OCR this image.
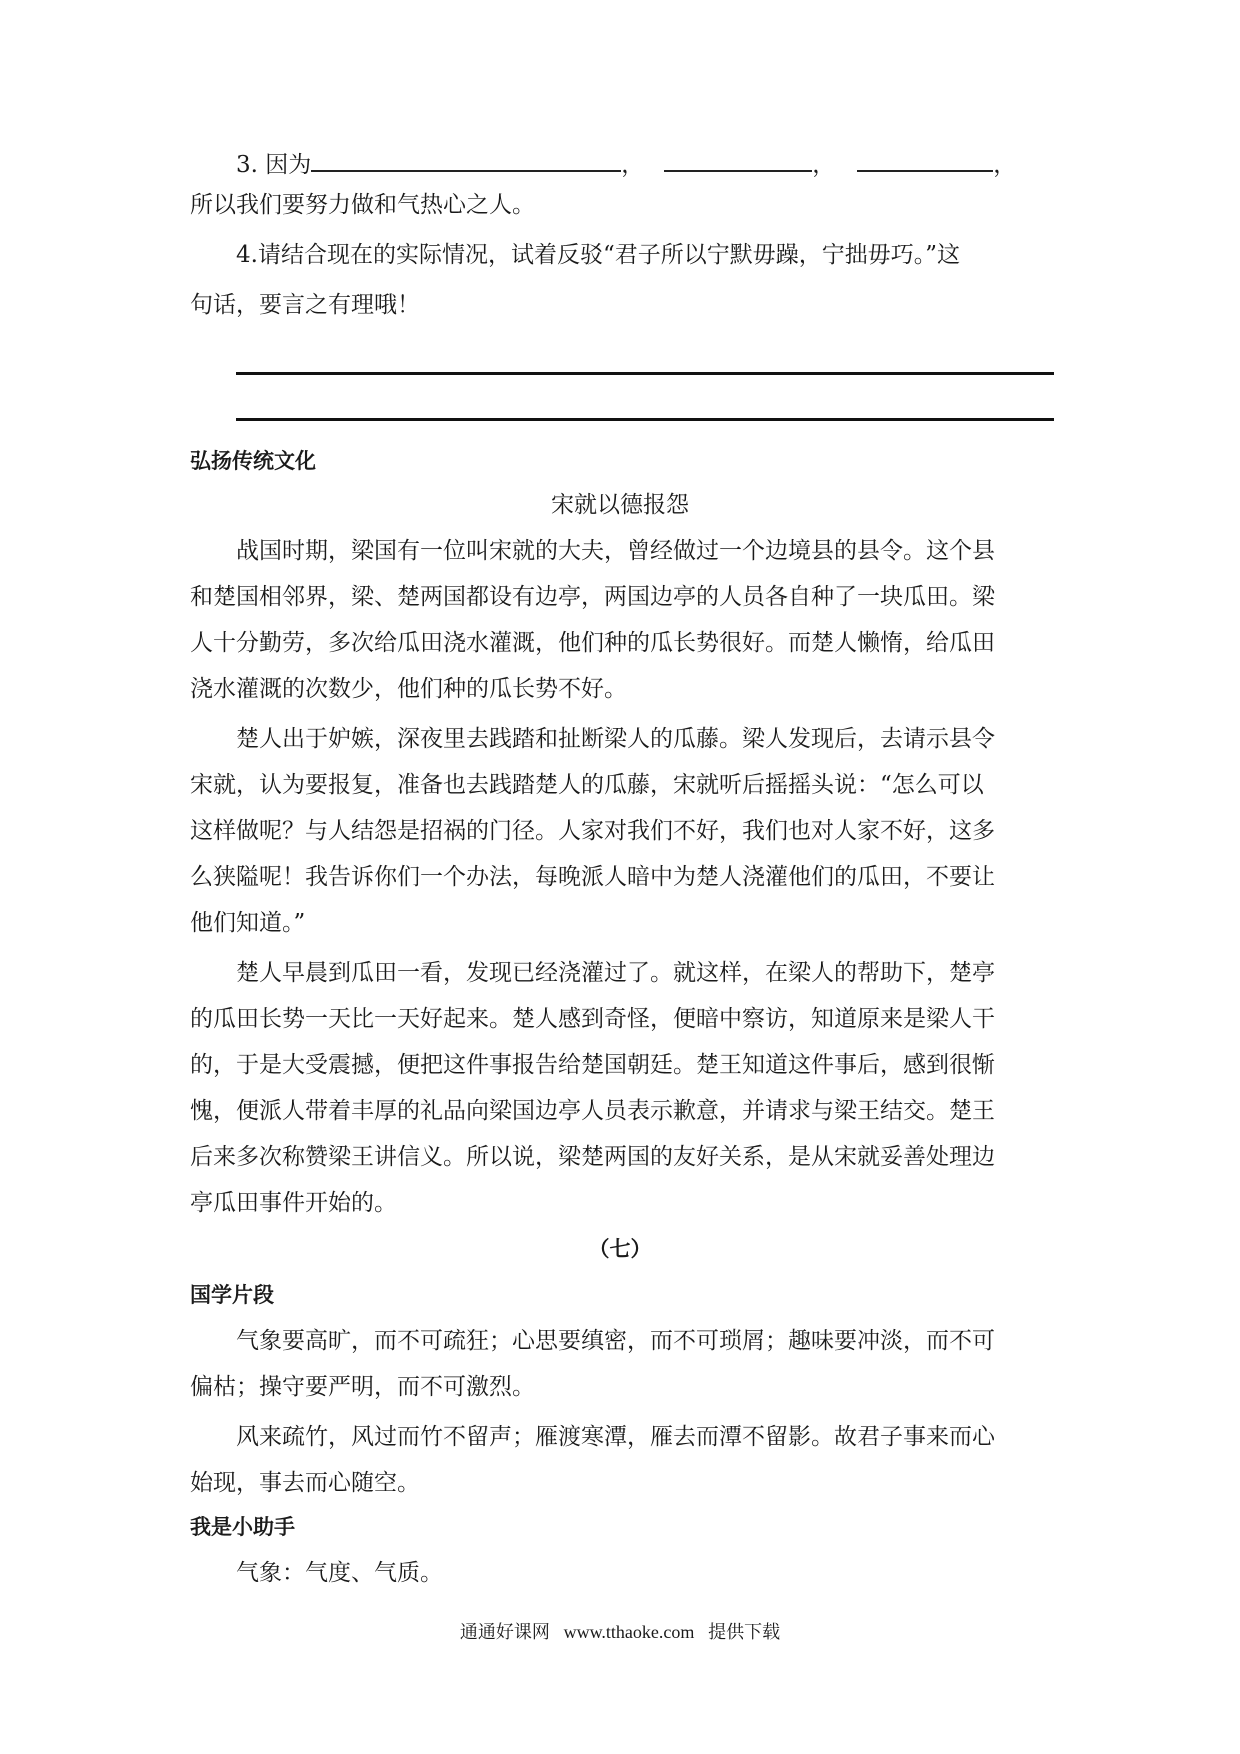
3. 因为	，	，	，
所以我们要努力做和气热心之人。
4.请结合现在的实际情况，试着反驳“君子所以宁默毋躁，宁拙毋巧。”这
句话，要言之有理哦！
弘扬传统文化
宋就以德报怨
战国时期，梁国有一位叫宋就的大夫，曾经做过一个边境县的县令。这个县
和楚国相邻界，梁、楚两国都设有边亭，两国边亭的人员各自种了一块瓜田。梁
人十分勤劳，多次给瓜田浇水灌溉，他们种的瓜长势很好。而楚人懒惰，给瓜田
浇水灌溉的次数少，他们种的瓜长势不好。
楚人出于妒嫉，深夜里去践踏和扯断梁人的瓜藤。梁人发现后，去请示县令
宋就，认为要报复，准备也去践踏楚人的瓜藤，宋就听后摇摇头说：“怎么可以
这样做呢？与人结怨是招祸的门径。人家对我们不好，我们也对人家不好，这多
么狭隘呢！我告诉你们一个办法，每晚派人暗中为楚人浇灌他们的瓜田，不要让
他们知道。”
楚人早晨到瓜田一看，发现已经浇灌过了。就这样，在梁人的帮助下，楚亭
的瓜田长势一天比一天好起来。楚人感到奇怪，便暗中察访，知道原来是梁人干
的，于是大受震撼，便把这件事报告给楚国朝廷。楚王知道这件事后，感到很惭
愧，便派人带着丰厚的礼品向梁国边亭人员表示歉意，并请求与梁王结交。楚王
后来多次称赞梁王讲信义。所以说，梁楚两国的友好关系，是从宋就妥善处理边
亭瓜田事件开始的。
（七）
国学片段
气象要高旷，而不可疏狂；心思要缜密，而不可琐屑；趣味要冲淡，而不可
偏枯；操守要严明，而不可激烈。
风来疏竹，风过而竹不留声；雁渡寒潭，雁去而潭不留影。故君子事来而心
始现，事去而心随空。
我是小助手
气象：气度、气质。
通通好课网 www.tthaoke.com 提供下载
